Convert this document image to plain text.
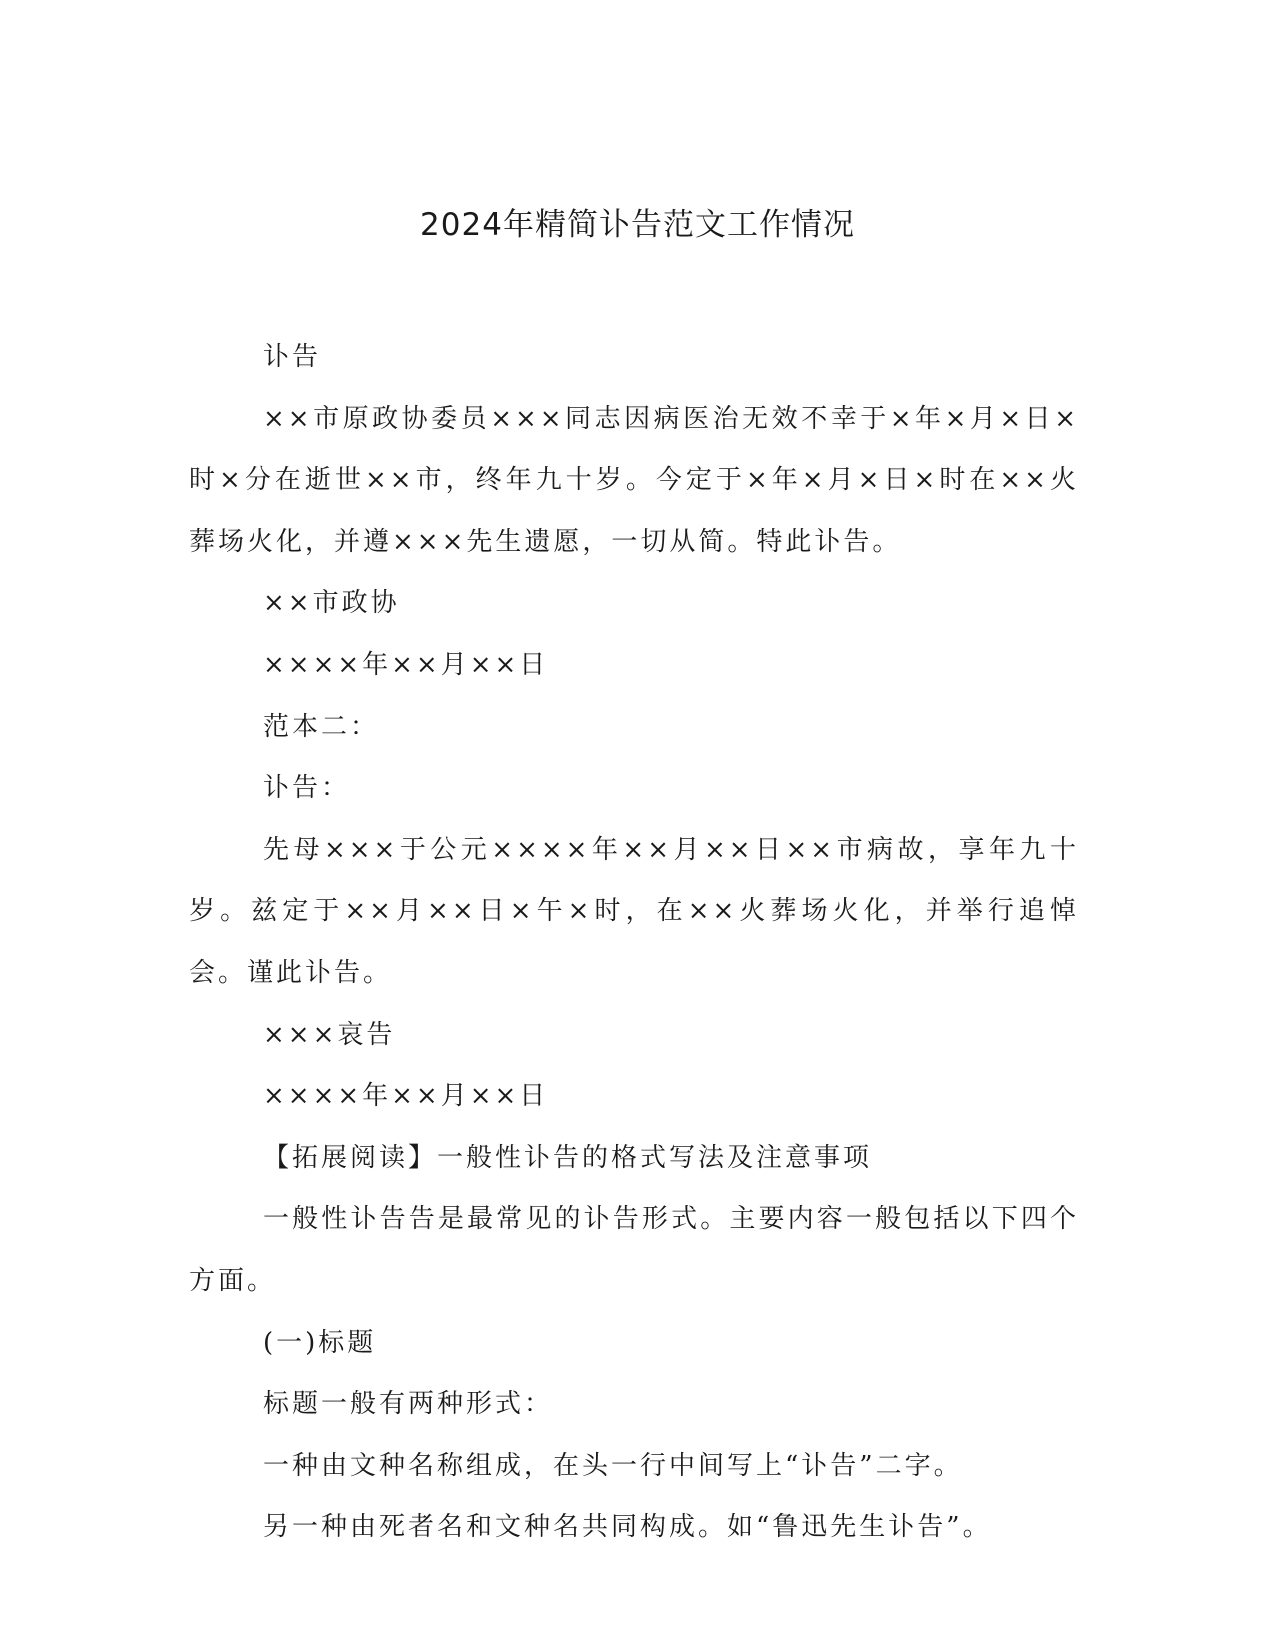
2024年精简讣告范文工作情况

讣告

××市原政协委员×××同志因病医治无效不幸于×年×月×日×时×分在逝世××市，终年九十岁。今定于×年×月×日×时在××火葬场火化，并遵×××先生遗愿，一切从简。特此讣告。

××市政协

××××年××月××日

范本二：

讣告：

先母×××于公元××××年××月××日××市病故，享年九十岁。兹定于××月××日×午×时，在××火葬场火化，并举行追悼会。谨此讣告。

×××哀告

××××年××月××日

【拓展阅读】一般性讣告的格式写法及注意事项

一般性讣告告是最常见的讣告形式。主要内容一般包括以下四个方面。

(一)标题

标题一般有两种形式：

一种由文种名称组成，在头一行中间写上“讣告”二字。

另一种由死者名和文种名共同构成。如“鲁迅先生讣告”。
